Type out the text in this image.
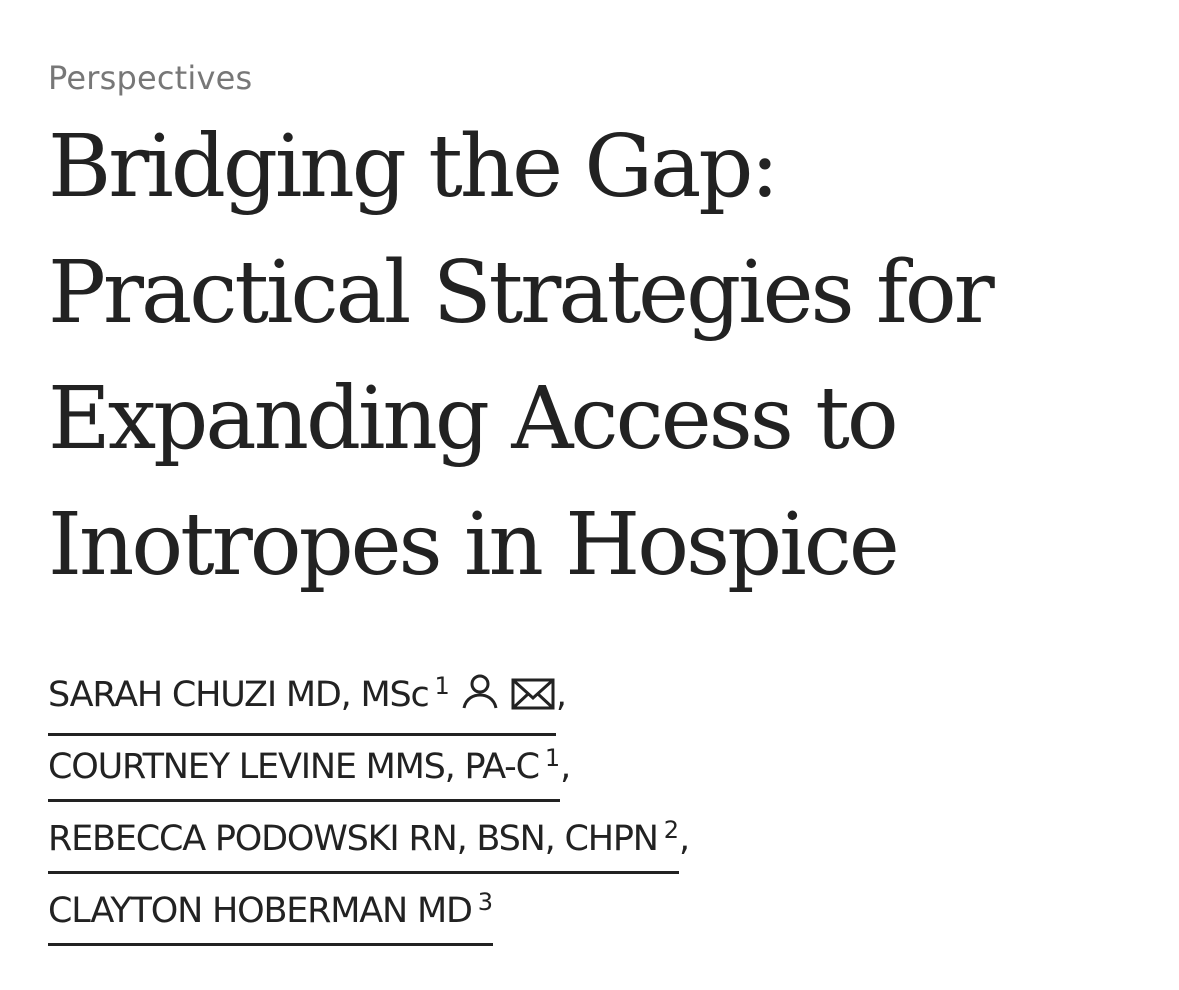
Perspectives
Bridging the Gap:
Practical Strategies for
Expanding Access to
Inotropes in Hospice
SARAH CHUZI MD, MSc $^1$	,
COURTNEY LEVINE MMS, PA-C $^1$,
REBECCA PODOWSKI RN, BSN, CHPN $^2$,
CLAYTON HOBERMAN MD $^3$
